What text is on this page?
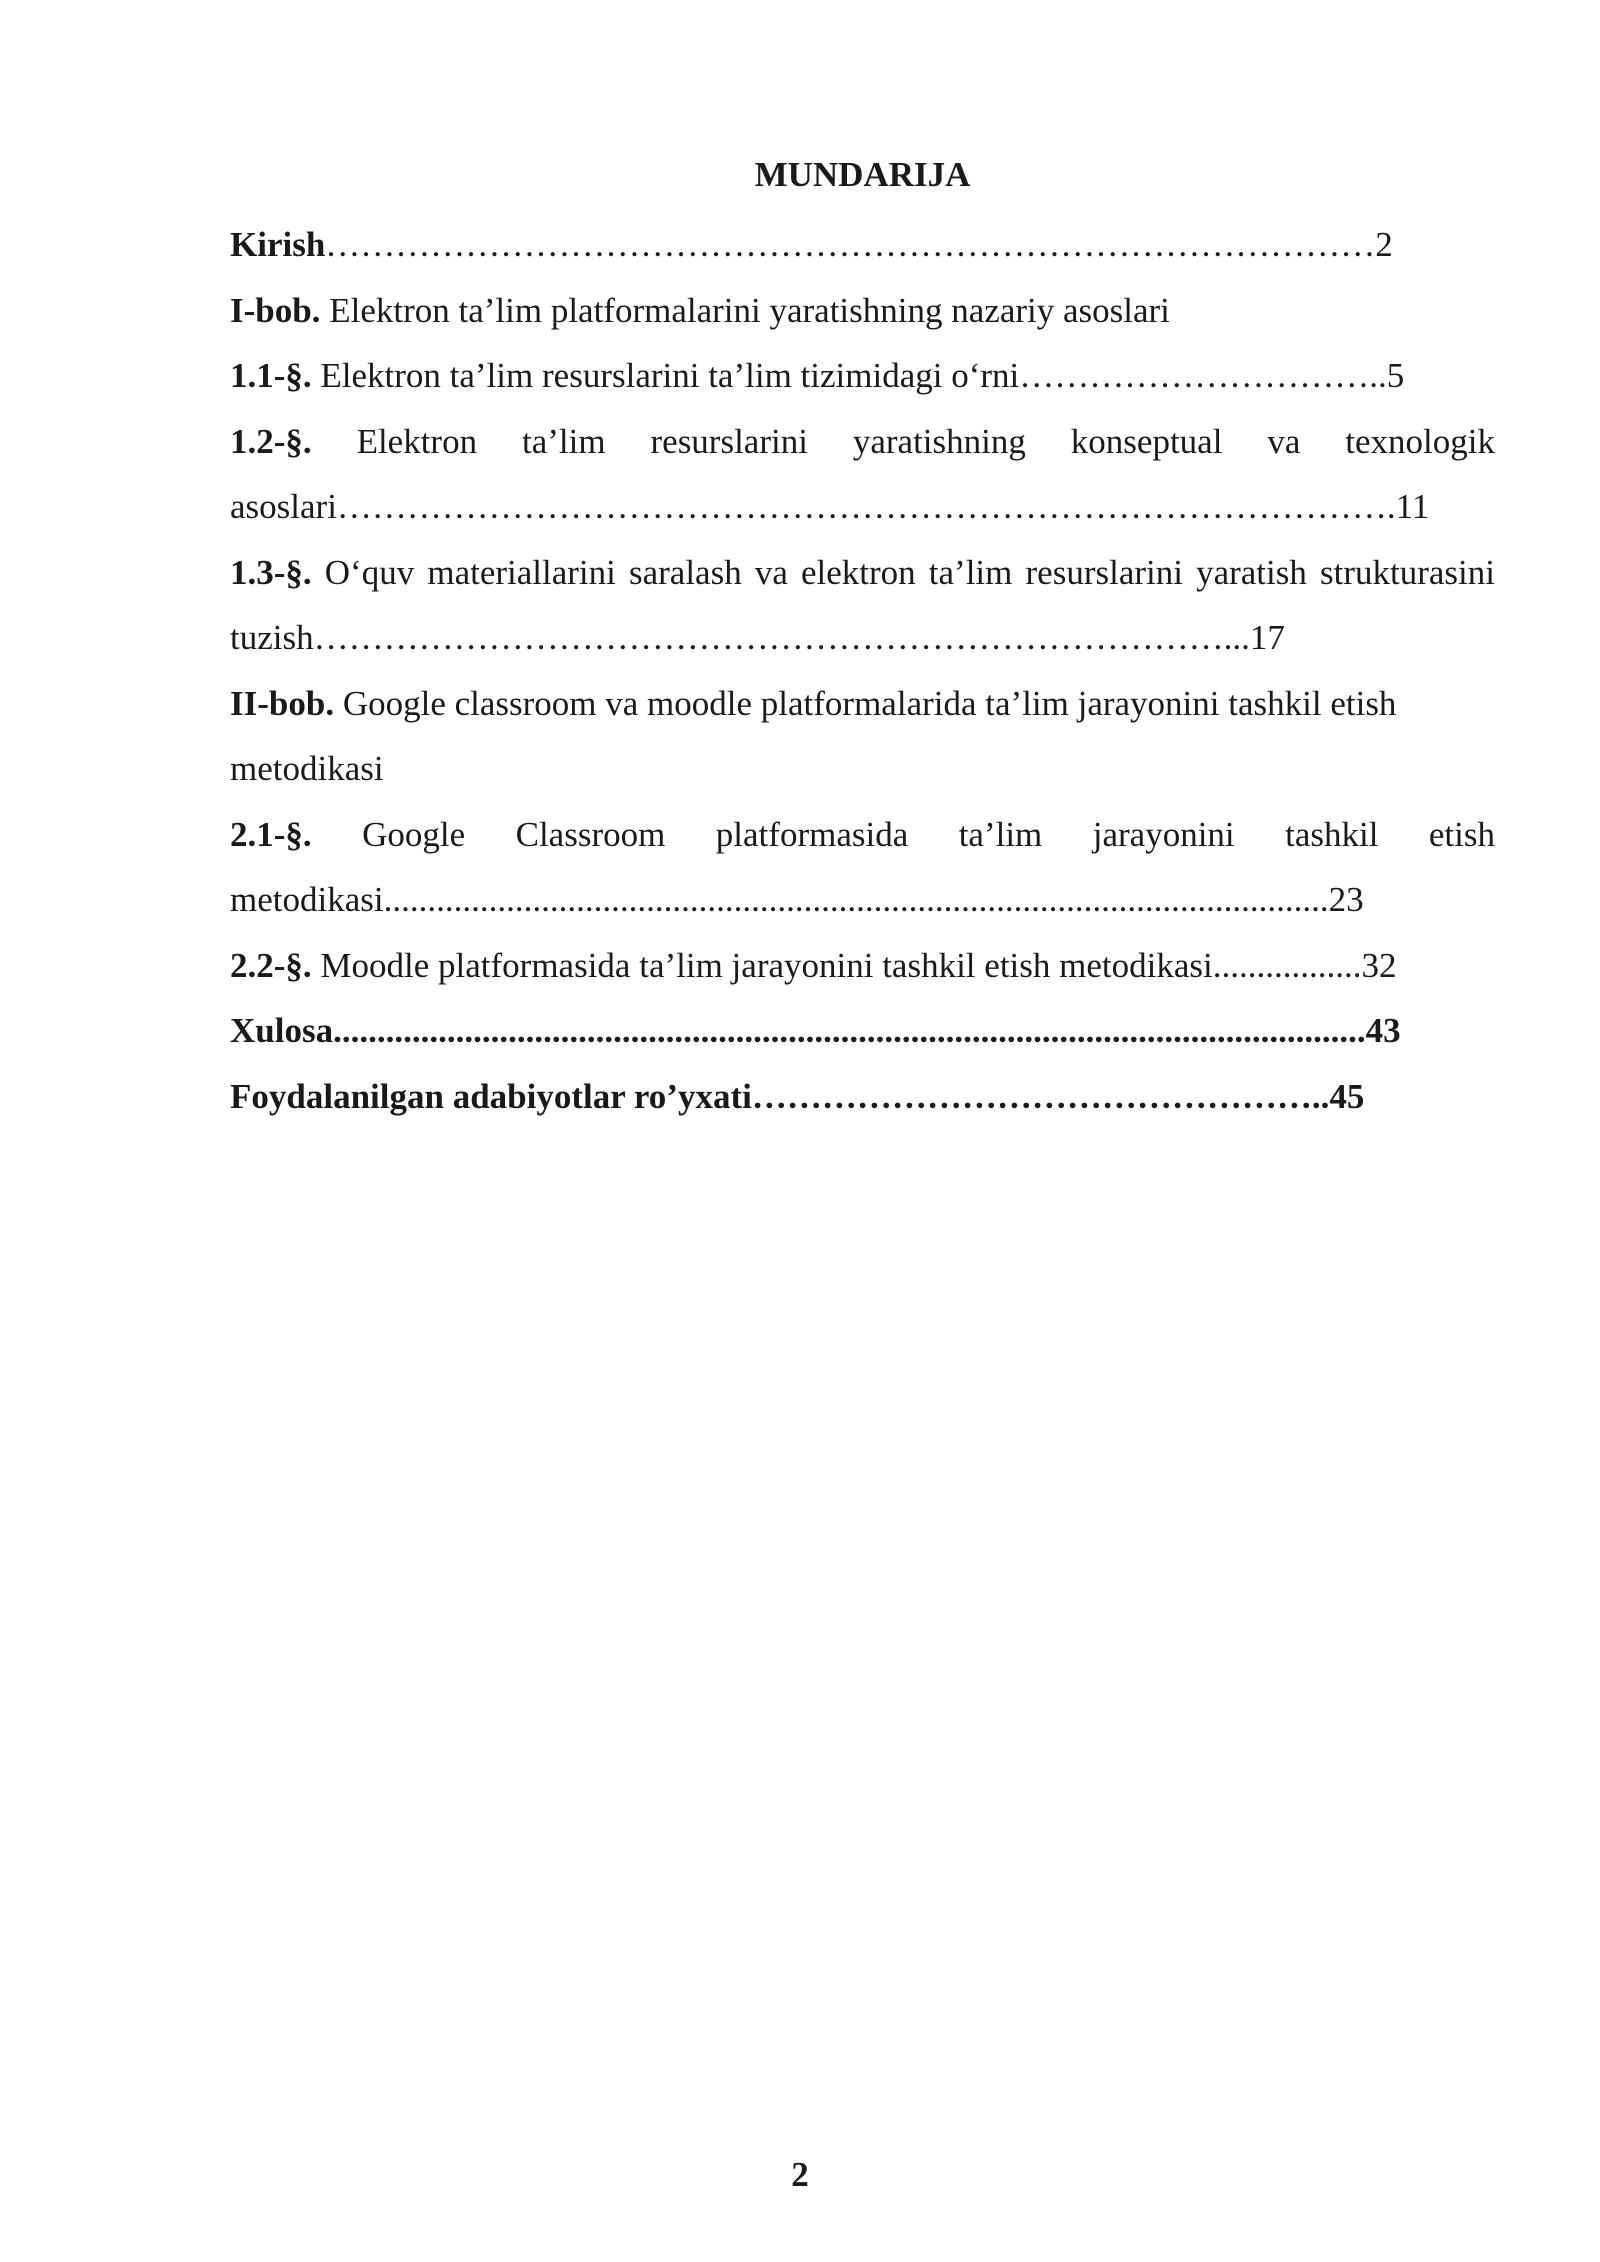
MUNDARIJA

Kirish………………………………………………………………………………2

I-bob. Elektron ta’lim platformalarini yaratishning nazariy asoslari

1.1-§. Elektron ta’lim resurslarini ta’lim tizimidagi o‘rni…………………………..5

1.2-§. Elektron ta’lim resurslarini yaratishning konseptual va texnologik asoslari……………………………………………………………………………….11

1.3-§. O‘quv materiallarini saralash va elektron ta’lim resurslarini yaratish strukturasini tuzish……………………………………………………………………...17

II-bob. Google classroom va moodle platformalarida ta’lim jarayonini tashkil etish metodikasi

2.1-§. Google Classroom platformasida ta’lim jarayonini tashkil etish metodikasi............................................................................................................23

2.2-§. Moodle platformasida ta’lim jarayonini tashkil etish metodikasi.................32

Xulosa......................................................................................................................43

Foydalanilgan adabiyotlar ro’yxati…………………………………………..45

2
